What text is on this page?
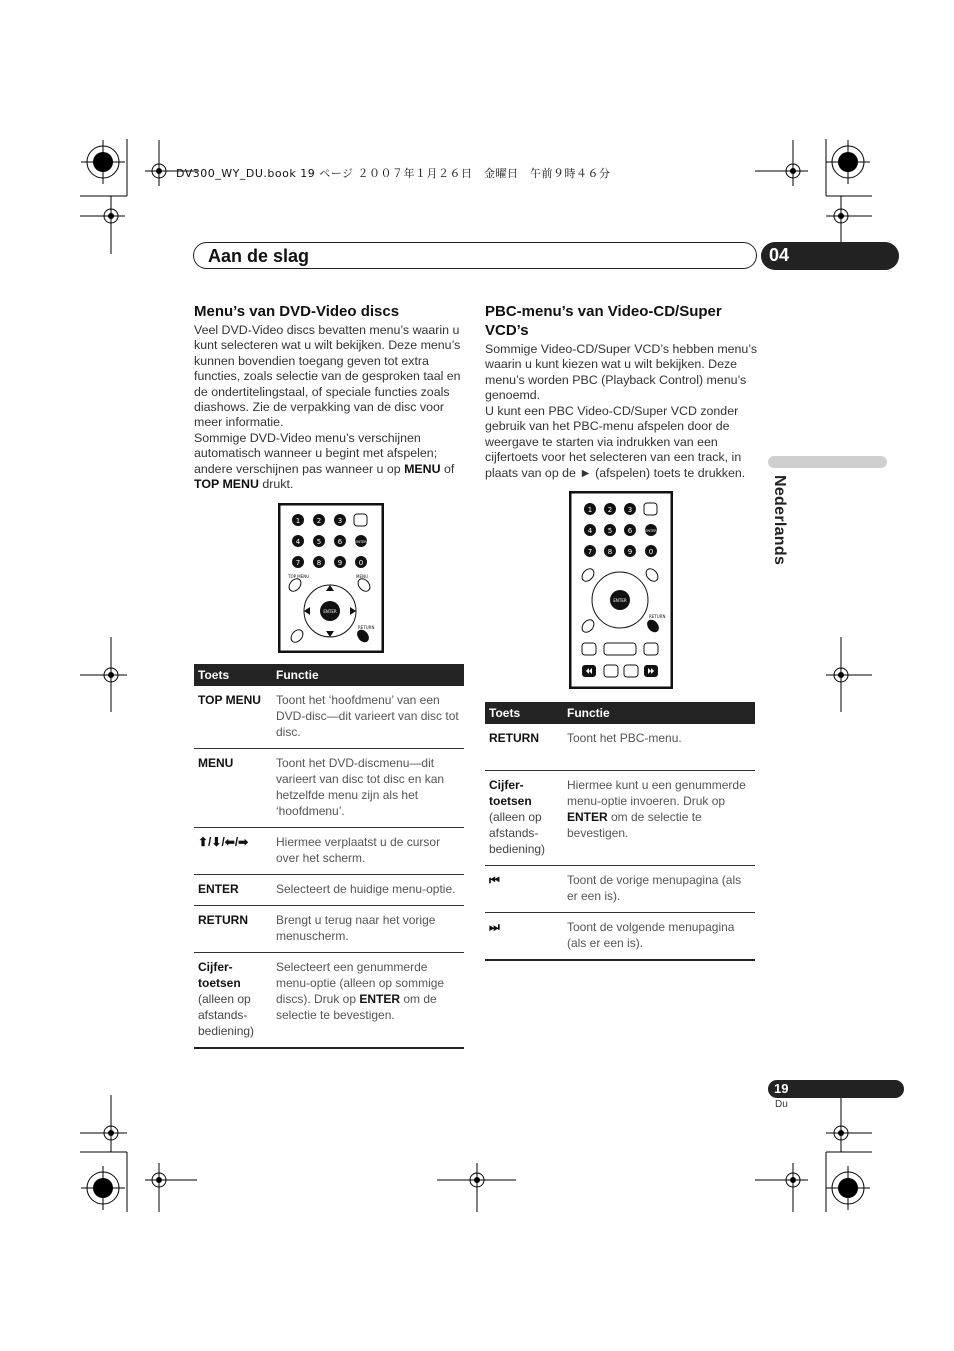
DV300_WY_DU.book 19 ページ ２００７年１月２６日　金曜日　午前９時４６分
Aan de slag	04
Nederlands
Menu’s van DVD-Video discs

Veel DVD-Video discs bevatten menu’s waarin u kunt selecteren wat u wilt bekijken. Deze menu’s kunnen bovendien toegang geven tot extra functies, zoals selectie van de gesproken taal en de ondertitelingstaal, of speciale functies zoals diashows. Zie de verpakking van de disc voor meer informatie.

Sommige DVD-Video menu’s verschijnen automatisch wanneer u begint met afspelen; andere verschijnen pas wanneer u op MENU of TOP MENU drukt.

1 2 3
4 5 6
7 8 9 0
ENTER
TOP MENU	MENU
RETURN
ENTER
Toets	Functie
TOP MENU	Toont het ‘hoofdmenu’ van een DVD-disc—dit varieert van disc tot disc.
MENU	Toont het DVD-discmenu—dit varieert van disc tot disc en kan hetzelfde menu zijn als het ‘hoofdmenu’.
⬆/⬇/⬅/➡	Hiermee verplaatst u de cursor over het scherm.
ENTER	Selecteert de huidige menu-optie.
RETURN	Brengt u terug naar het vorige menuscherm.
Cijfer-toetsen
(alleen op afstands-bediening)	Selecteert een genummerde menu-optie (alleen op sommige discs). Druk op ENTER om de selectie te bevestigen.
PBC-menu’s van Video-CD/Super VCD’s

Sommige Video-CD/Super VCD’s hebben menu’s waarin u kunt kiezen wat u wilt bekijken. Deze menu’s worden PBC (Playback Control) menu’s genoemd.

U kunt een PBC Video-CD/Super VCD zonder gebruik van het PBC-menu afspelen door de weergave te starten via indrukken van een cijfertoets voor het selecteren van een track, in plaats van op de ► (afspelen) toets te drukken.

1 2 3
4 5 6
7 8 9 0
ENTER
ENTER
RETURN
Toets	Functie
RETURN	Toont het PBC-menu.
Cijfer-toetsen
(alleen op afstands-bediening)	Hiermee kunt u een genummerde menu-optie invoeren. Druk op ENTER om de selectie te bevestigen.
⏮	Toont de vorige menupagina (als er een is).
⏭	Toont de volgende menupagina (als er een is).
19
Du
